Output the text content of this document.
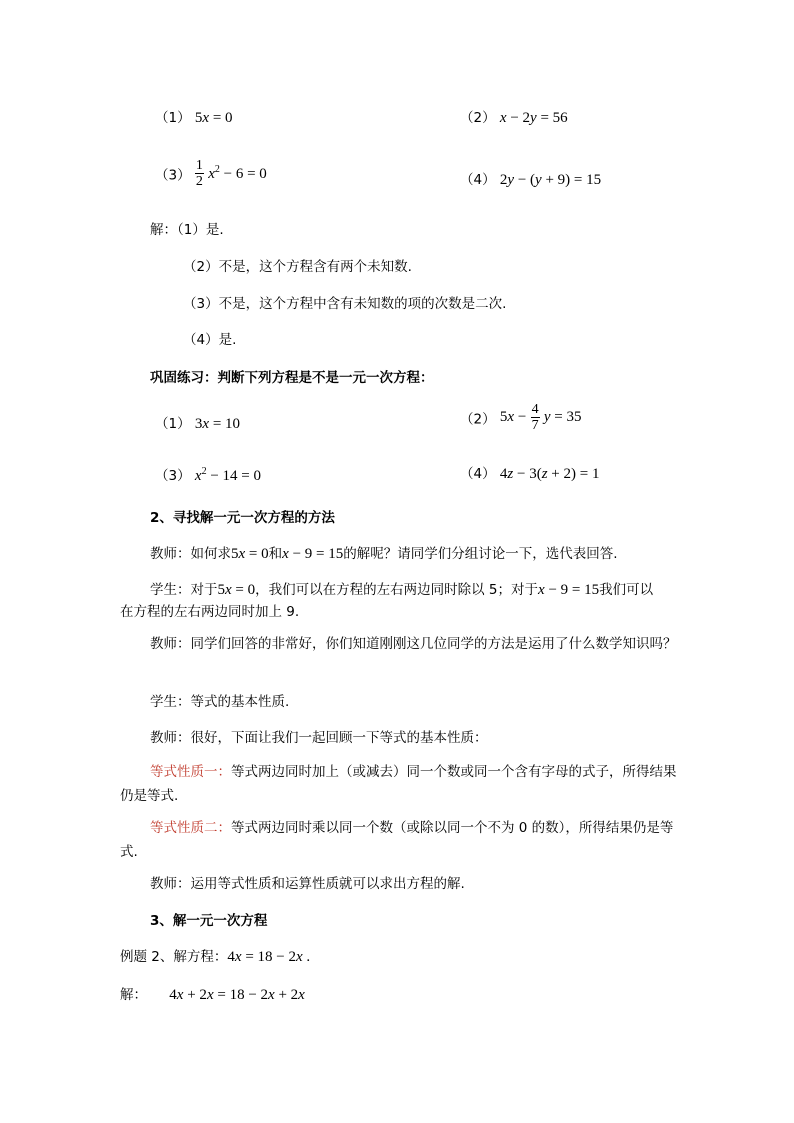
（1） 5x = 0	（2） x − 2y = 56
$(3) \frac{1}{2} x^2 - 6 = 0$	（4） 2y − (y + 9) = 15
解：（1）是.
（2）不是，这个方程含有两个未知数.
（3）不是，这个方程中含有未知数的项的次数是二次.
（4）是.
巩固练习：判断下列方程是不是一元一次方程：
（1） 3x = 10	（2） $5x - \frac{4}{7}$ y = 35
（3） $x^2 - 14 = 0$	（4） 4z − 3(z + 2) = 1
2、寻找解一元一次方程的方法
教师：如何求5x = 0和x − 9 = 15的解呢？请同学们分组讨论一下，选代表回答.
学生：对于5x = 0，我们可以在方程的左右两边同时除以 5；对于x − 9 = 15我们可以
在方程的左右两边同时加上 9.
教师：同学们回答的非常好，你们知道刚刚这几位同学的方法是运用了什么数学知识吗？
学生：等式的基本性质.
教师：很好，下面让我们一起回顾一下等式的基本性质：
等式性质一：等式两边同时加上（或减去）同一个数或同一个含有字母的式子，所得结果仍是等式.
等式性质二：等式两边同时乘以同一个数（或除以同一个不为 0 的数），所得结果仍是等式.
教师：运用等式性质和运算性质就可以求出方程的解.
3、解一元一次方程
例题 2、解方程：4x = 18 − 2x .
解： 4x + 2x = 18 − 2x + 2x
